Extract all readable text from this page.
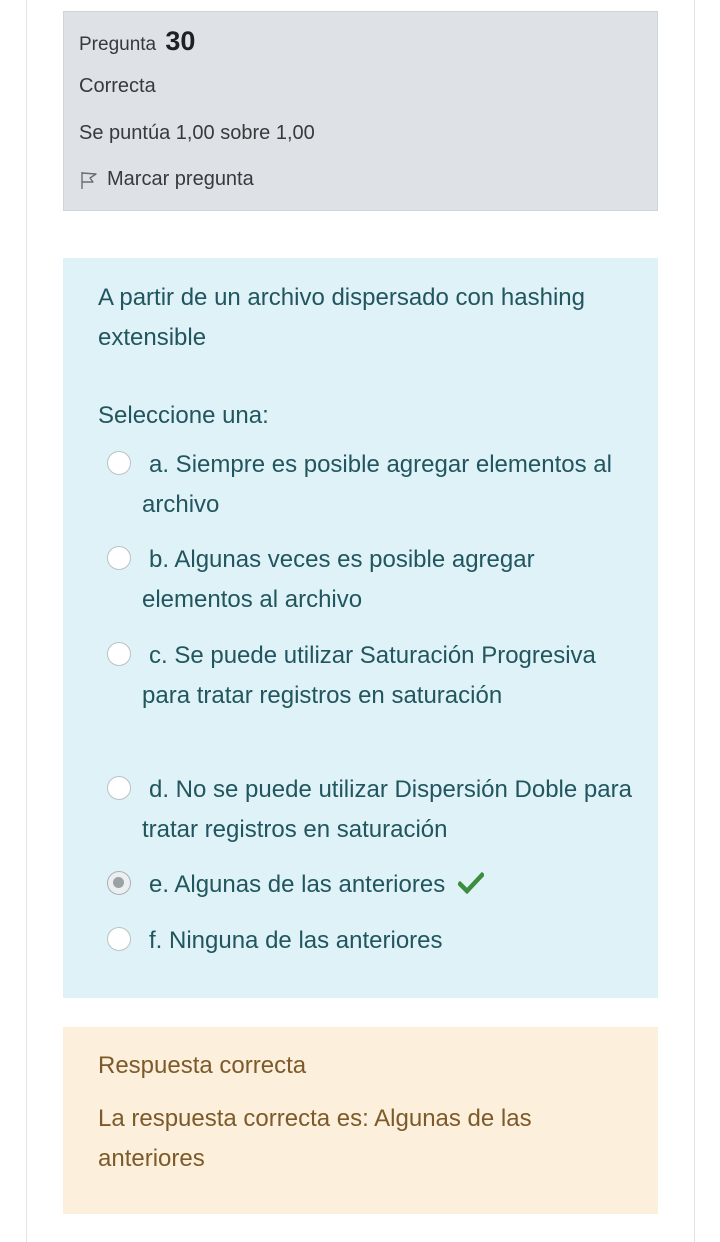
Pregunta 30
Correcta
Se puntúa 1,00 sobre 1,00
Marcar pregunta
A partir de un archivo dispersado con hashing extensible
Seleccione una:
a. Siempre es posible agregar elementos al archivo
b. Algunas veces es posible agregar elementos al archivo
c. Se puede utilizar Saturación Progresiva para tratar registros en saturación
d. No se puede utilizar Dispersión Doble para tratar registros en saturación
e. Algunas de las anteriores
f. Ninguna de las anteriores
Respuesta correcta
La respuesta correcta es: Algunas de las anteriores
